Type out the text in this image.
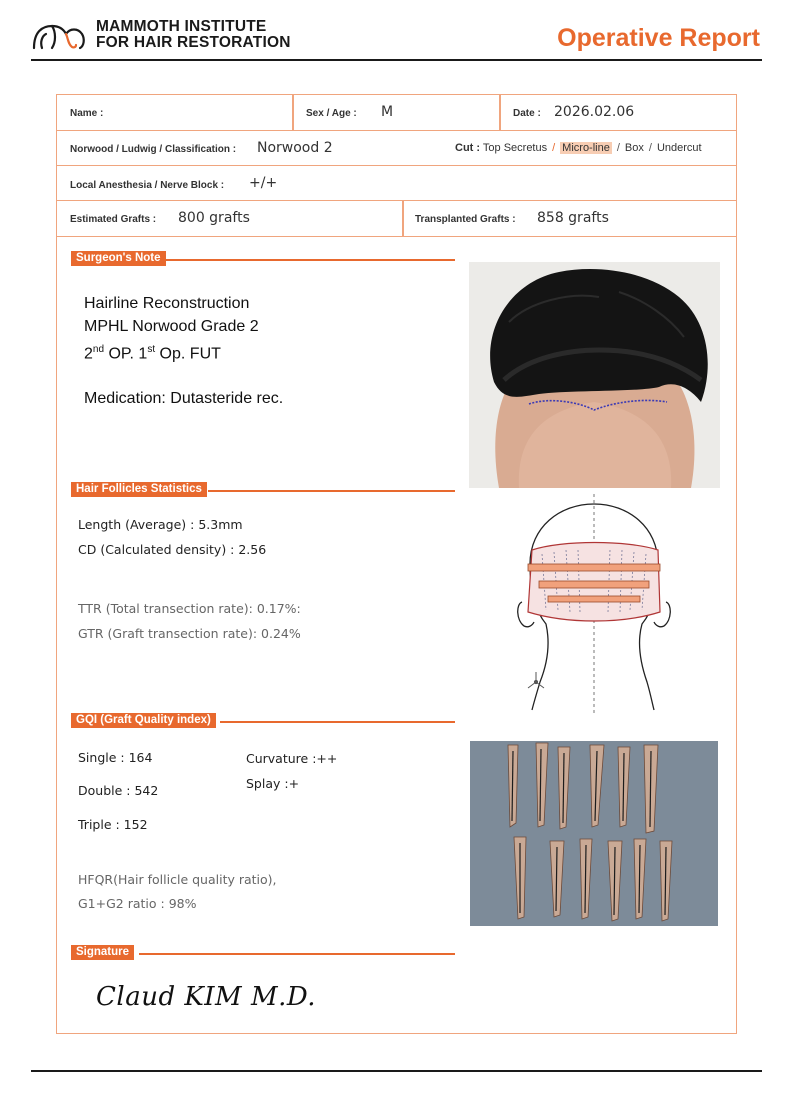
MAMMOTH INSTITUTE
FOR HAIR RESTORATION	Operative Report
Name :	Sex / Age : M	Date : 2026.02.06
Norwood / Ludwig / Classification : Norwood 2	Cut : Top Secretus / Micro-line / Box / Undercut
Local Anesthesia / Nerve Block : +/+
Estimated Grafts : 800 grafts	Transplanted Grafts : 858 grafts
Surgeon's Note
Hairline Reconstruction
MPHL Norwood Grade 2
2nd OP. 1st Op. FUT
Medication: Dutasteride rec.
Hair Follicles Statistics
Length (Average) : 5.3mm
CD (Calculated density) : 2.56
TTR (Total transection rate): 0.17%:
GTR (Graft transection rate): 0.24%
GQI (Graft Quality index)
Single : 164
Double : 542
Triple : 152
Curvature :++
Splay :+
HFQR(Hair follicle quality ratio),
G1+G2 ratio : 98%
Signature
Claud KIM M.D.
